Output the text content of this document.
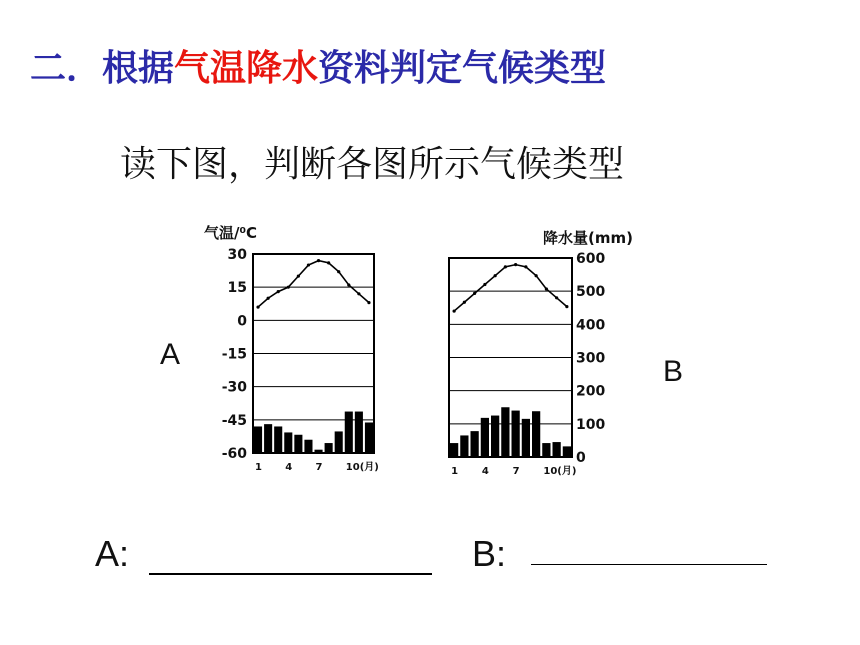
二．根据气温降水资料判定气候类型
读下图，判断各图所示气候类型
A
B
气温/⁰C	降水量(mm)
30
15
0
-15
-30
-45
-60
1 4 7 10(月)
600
500
400
300
200
100
0
1 4 7 10(月)
A:	B:
